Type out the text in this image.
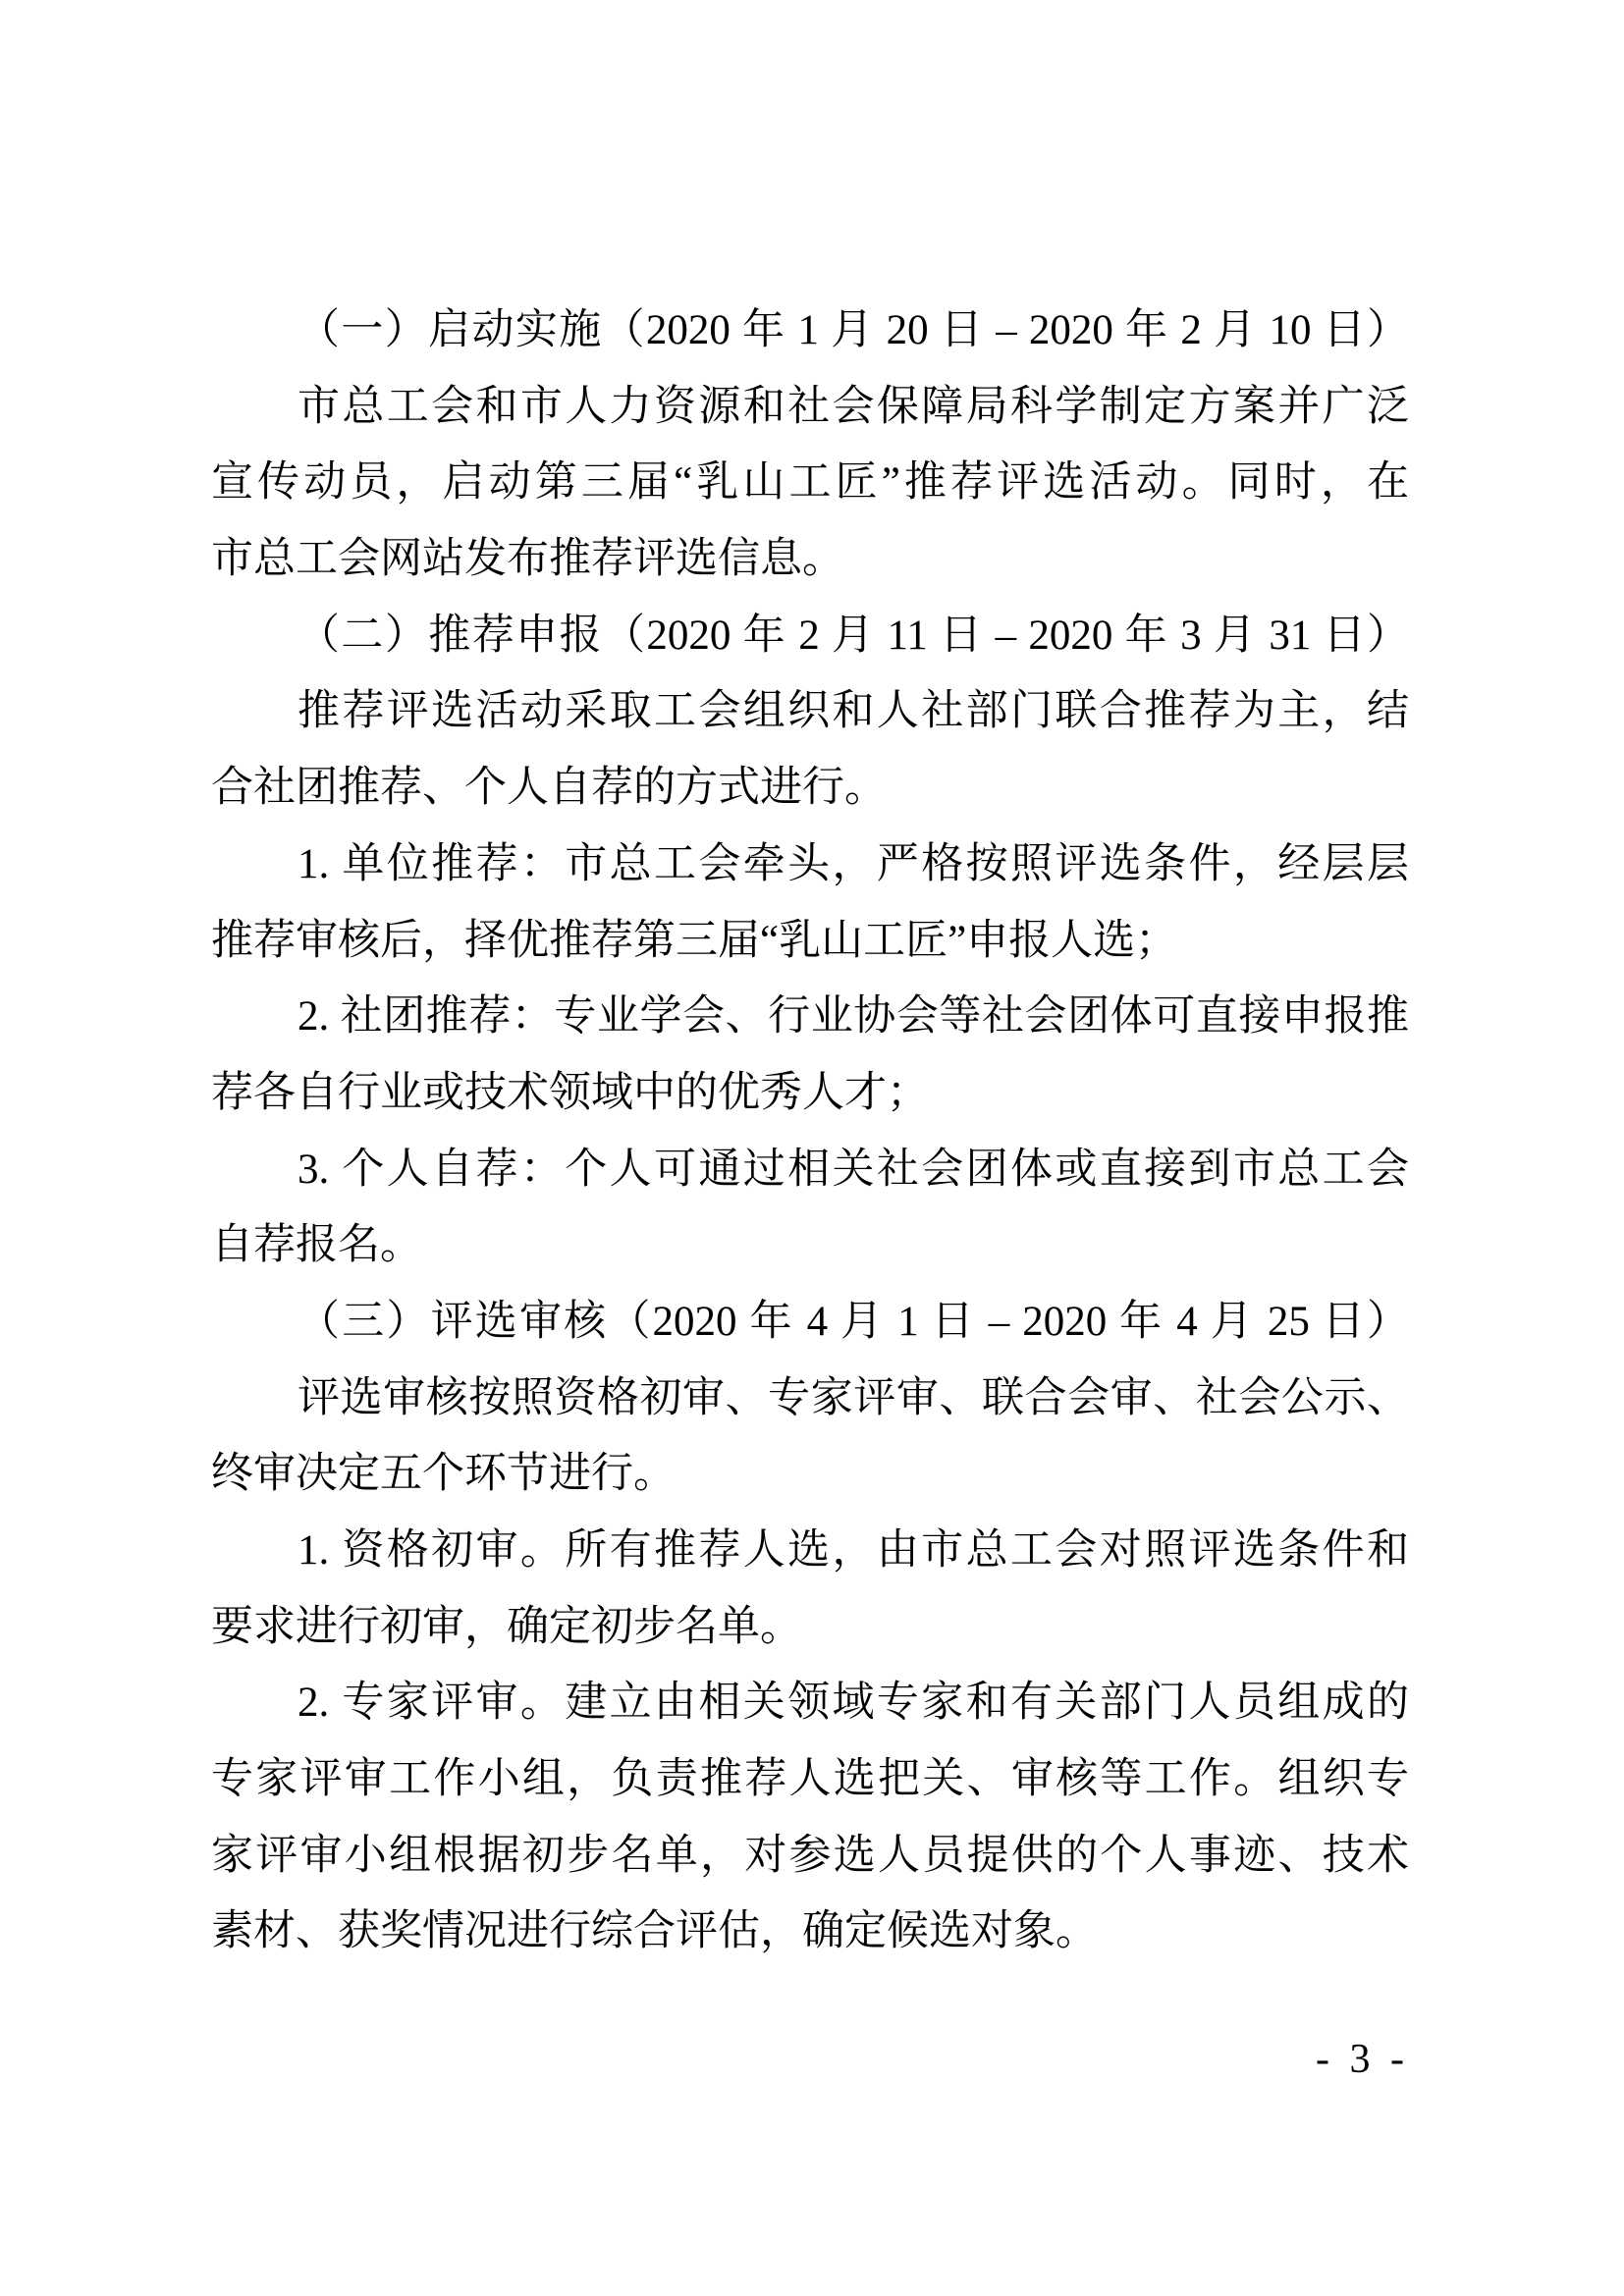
（一）启动实施（2020 年 1 月 20 日 – 2020 年 2 月 10 日）
市总工会和市人力资源和社会保障局科学制定方案并广泛
宣传动员，启动第三届“乳山工匠”推荐评选活动。同时，在
市总工会网站发布推荐评选信息。
（二）推荐申报（2020 年 2 月 11 日 – 2020 年 3 月 31 日）
推荐评选活动采取工会组织和人社部门联合推荐为主，结
合社团推荐、个人自荐的方式进行。
1. 单位推荐：市总工会牵头，严格按照评选条件，经层层
推荐审核后，择优推荐第三届“乳山工匠”申报人选；
2. 社团推荐：专业学会、行业协会等社会团体可直接申报推
荐各自行业或技术领域中的优秀人才；
3. 个人自荐：个人可通过相关社会团体或直接到市总工会
自荐报名。
（三）评选审核（2020 年 4 月 1 日 – 2020 年 4 月 25 日）
评选审核按照资格初审、专家评审、联合会审、社会公示、
终审决定五个环节进行。
1. 资格初审。所有推荐人选，由市总工会对照评选条件和
要求进行初审，确定初步名单。
2. 专家评审。建立由相关领域专家和有关部门人员组成的
专家评审工作小组，负责推荐人选把关、审核等工作。组织专
家评审小组根据初步名单，对参选人员提供的个人事迹、技术
素材、获奖情况进行综合评估，确定候选对象。
- 3 -
